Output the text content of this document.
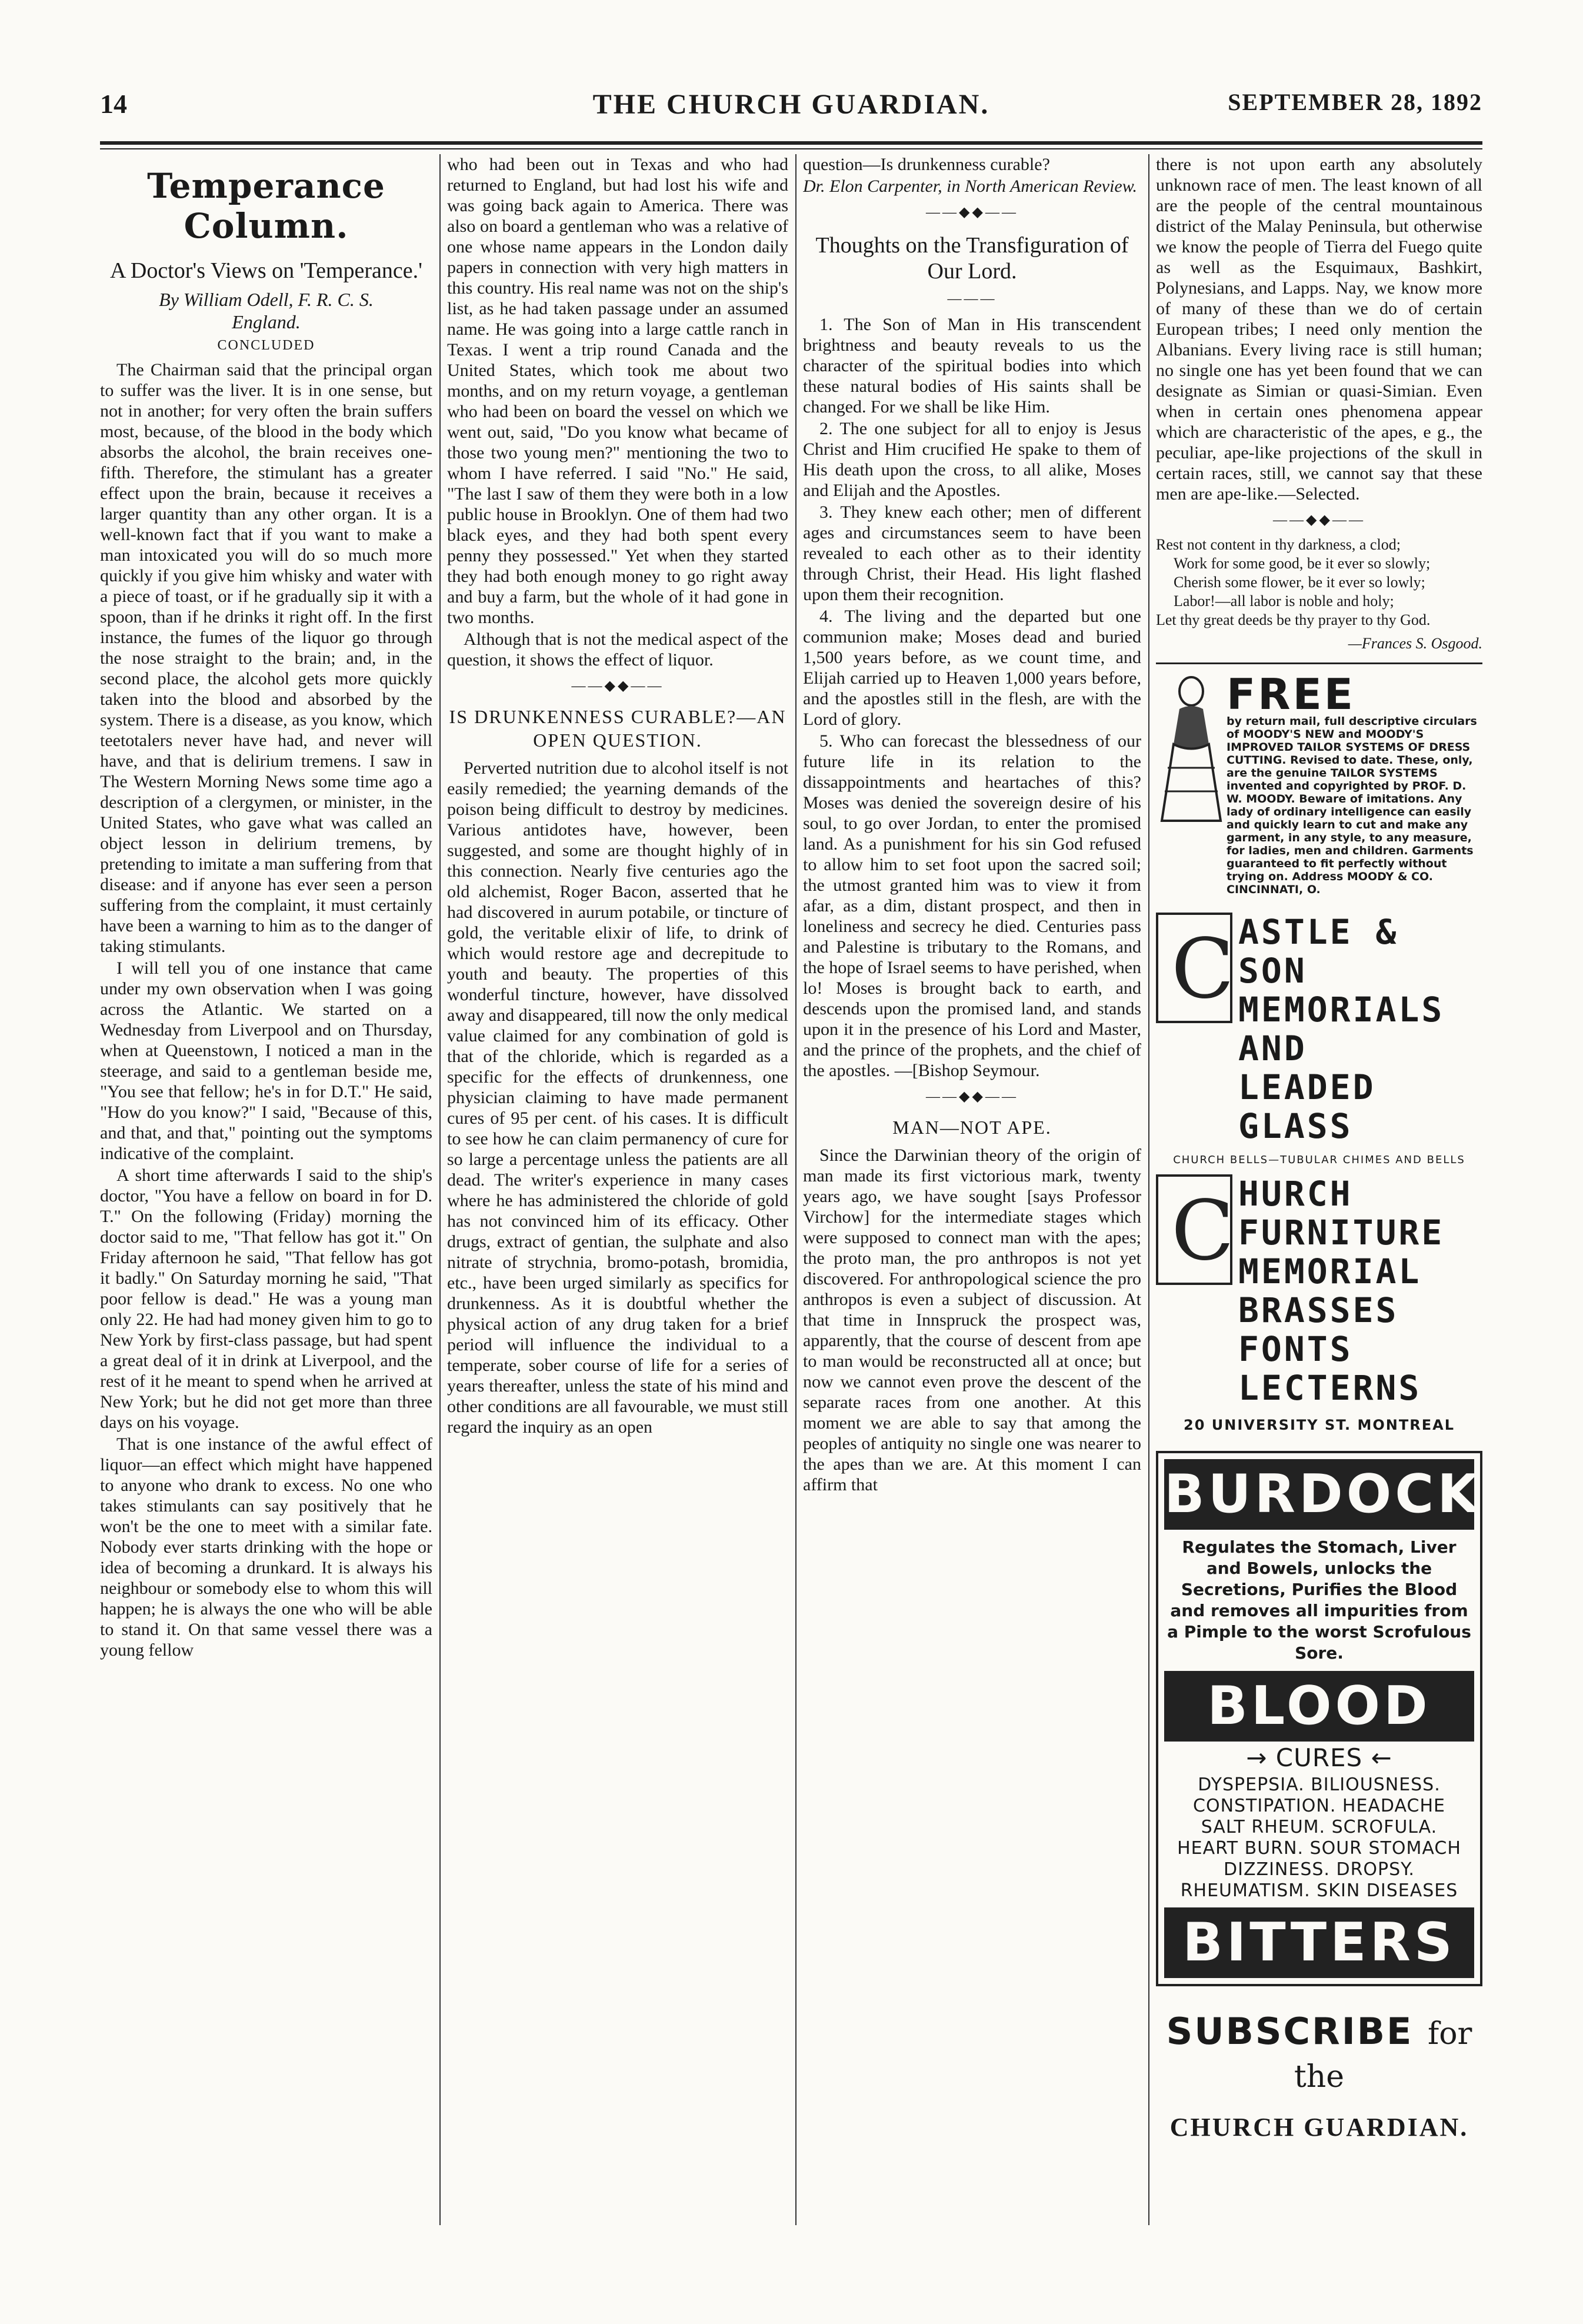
14	THE CHURCH GUARDIAN.	SEPTEMBER 28, 1892
Temperance Column.
A Doctor's Views on 'Temperance.'
By William Odell, F. R. C. S.
England.
CONCLUDED

The Chairman said that the principal organ to suffer was the liver. It is in one sense, but not in another; for very often the brain suffers most, because, of the blood in the body which absorbs the alcohol, the brain receives one-fifth. Therefore, the stimulant has a greater effect upon the brain, because it receives a larger quantity than any other organ. It is a well-known fact that if you want to make a man intoxicated you will do so much more quickly if you give him whisky and water with a piece of toast, or if he gradually sip it with a spoon, than if he drinks it right off. In the first instance, the fumes of the liquor go through the nose straight to the brain; and, in the second place, the alcohol gets more quickly taken into the blood and absorbed by the system. There is a disease, as you know, which teetotalers never have had, and never will have, and that is delirium tremens. I saw in The Western Morning News some time ago a description of a clergymen, or minister, in the United States, who gave what was called an object lesson in delirium tremens, by pretending to imitate a man suffering from that disease: and if anyone has ever seen a person suffering from the complaint, it must certainly have been a warning to him as to the danger of taking stimulants.

I will tell you of one instance that came under my own observation when I was going across the Atlantic. We started on a Wednesday from Liverpool and on Thursday, when at Queenstown, I noticed a man in the steerage, and said to a gentleman beside me, "You see that fellow; he's in for D.T." He said, "How do you know?" I said, "Because of this, and that, and that," pointing out the symptoms indicative of the complaint.

A short time afterwards I said to the ship's doctor, "You have a fellow on board in for D. T." On the following (Friday) morning the doctor said to me, "That fellow has got it." On Friday afternoon he said, "That fellow has got it badly." On Saturday morning he said, "That poor fellow is dead." He was a young man only 22. He had had money given him to go to New York by first-class passage, but had spent a great deal of it in drink at Liverpool, and the rest of it he meant to spend when he arrived at New York; but he did not get more than three days on his voyage.

That is one instance of the awful effect of liquor—an effect which might have happened to anyone who drank to excess. No one who takes stimulants can say positively that he won't be the one to meet with a similar fate. Nobody ever starts drinking with the hope or idea of becoming a drunkard. It is always his neighbour or somebody else to whom this will happen; he is always the one who will be able to stand it. On that same vessel there was a young fellow

who had been out in Texas and who had returned to England, but had lost his wife and was going back again to America. There was also on board a gentleman who was a relative of one whose name appears in the London daily papers in connection with very high matters in this country. His real name was not on the ship's list, as he had taken passage under an assumed name. He was going into a large cattle ranch in Texas. I went a trip round Canada and the United States, which took me about two months, and on my return voyage, a gentleman who had been on board the vessel on which we went out, said, "Do you know what became of those two young men?" mentioning the two to whom I have referred. I said "No." He said, "The last I saw of them they were both in a low public house in Brooklyn. One of them had two black eyes, and they had both spent every penny they possessed." Yet when they started they had both enough money to go right away and buy a farm, but the whole of it had gone in two months.

Although that is not the medical aspect of the question, it shows the effect of liquor.

——◆◆——
IS DRUNKENNESS CURABLE?—AN OPEN QUESTION.

Perverted nutrition due to alcohol itself is not easily remedied; the yearning demands of the poison being difficult to destroy by medicines. Various antidotes have, however, been suggested, and some are thought highly of in this connection. Nearly five centuries ago the old alchemist, Roger Bacon, asserted that he had discovered in aurum potabile, or tincture of gold, the veritable elixir of life, to drink of which would restore age and decrepitude to youth and beauty. The properties of this wonderful tincture, however, have dissolved away and disappeared, till now the only medical value claimed for any combination of gold is that of the chloride, which is regarded as a specific for the effects of drunkenness, one physician claiming to have made permanent cures of 95 per cent. of his cases. It is difficult to see how he can claim permanency of cure for so large a percentage unless the patients are all dead. The writer's experience in many cases where he has administered the chloride of gold has not convinced him of its efficacy. Other drugs, extract of gentian, the sulphate and also nitrate of strychnia, bromo-potash, bromidia, etc., have been urged similarly as specifics for drunkenness. As it is doubtful whether the physical action of any drug taken for a brief period will influence the individual to a temperate, sober course of life for a series of years thereafter, unless the state of his mind and other conditions are all favourable, we must still regard the inquiry as an open

question—Is drunkenness curable?

Dr. Elon Carpenter, in North American Review.

——◆◆——
Thoughts on the Transfiguration of Our Lord.
———

1. The Son of Man in His transcendent brightness and beauty reveals to us the character of the spiritual bodies into which these natural bodies of His saints shall be changed. For we shall be like Him.

2. The one subject for all to enjoy is Jesus Christ and Him crucified He spake to them of His death upon the cross, to all alike, Moses and Elijah and the Apostles.

3. They knew each other; men of different ages and circumstances seem to have been revealed to each other as to their identity through Christ, their Head. His light flashed upon them their recognition.

4. The living and the departed but one communion make; Moses dead and buried 1,500 years before, as we count time, and Elijah carried up to Heaven 1,000 years before, and the apostles still in the flesh, are with the Lord of glory.

5. Who can forecast the blessedness of our future life in its relation to the dissappointments and heartaches of this? Moses was denied the sovereign desire of his soul, to go over Jordan, to enter the promised land. As a punishment for his sin God refused to allow him to set foot upon the sacred soil; the utmost granted him was to view it from afar, as a dim, distant prospect, and then in loneliness and secrecy he died. Centuries pass and Palestine is tributary to the Romans, and the hope of Israel seems to have perished, when lo! Moses is brought back to earth, and descends upon the promised land, and stands upon it in the presence of his Lord and Master, and the prince of the prophets, and the chief of the apostles. —[Bishop Seymour.

——◆◆——
MAN—NOT APE.

Since the Darwinian theory of the origin of man made its first victorious mark, twenty years ago, we have sought [says Professor Virchow] for the intermediate stages which were supposed to connect man with the apes; the proto man, the pro anthropos is not yet discovered. For anthropological science the pro anthropos is even a subject of discussion. At that time in Innspruck the prospect was, apparently, that the course of descent from ape to man would be reconstructed all at once; but now we cannot even prove the descent of the separate races from one another. At this moment we are able to say that among the peoples of antiquity no single one was nearer to the apes than we are. At this moment I can affirm that

there is not upon earth any absolutely unknown race of men. The least known of all are the people of the central mountainous district of the Malay Peninsula, but otherwise we know the people of Tierra del Fuego quite as well as the Esquimaux, Bashkirt, Polynesians, and Lapps. Nay, we know more of many of these than we do of certain European tribes; I need only mention the Albanians. Every living race is still human; no single one has yet been found that we can designate as Simian or quasi-Simian. Even when in certain ones phenomena appear which are characteristic of the apes, e g., the peculiar, ape-like projections of the skull in certain races, still, we cannot say that these men are ape-like.—Selected.

——◆◆——
Rest not content in thy darkness, a clod;
Work for some good, be it ever so slowly;
Cherish some flower, be it ever so lowly;
Labor!—all labor is noble and holy;
Let thy great deeds be thy prayer to thy God.
—Frances S. Osgood.
FREE
by return mail, full descriptive circulars of MOODY'S NEW and MOODY'S IMPROVED TAILOR SYSTEMS OF DRESS CUTTING. Revised to date. These, only, are the genuine TAILOR SYSTEMS invented and copyrighted by PROF. D. W. MOODY. Beware of imitations. Any lady of ordinary intelligence can easily and quickly learn to cut and make any garment, in any style, to any measure, for ladies, men and children. Garments guaranteed to fit perfectly without trying on. Address MOODY & CO. CINCINNATI, O.
C ASTLE & SON
MEMORIALS AND
LEADED GLASS
CHURCH BELLS—TUBULAR CHIMES AND BELLS
C HURCH FURNITURE
MEMORIAL BRASSES
FONTS LECTERNS
20 UNIVERSITY ST. MONTREAL
BURDOCK
Regulates the Stomach, Liver and Bowels, unlocks the Secretions, Purifies the Blood and removes all impurities from a Pimple to the worst Scrofulous Sore.
BLOOD
→ CURES ←
DYSPEPSIA. BILIOUSNESS.
CONSTIPATION. HEADACHE
SALT RHEUM. SCROFULA.
HEART BURN. SOUR STOMACH
DIZZINESS. DROPSY.
RHEUMATISM. SKIN DISEASES
BITTERS
SUBSCRIBE for the
CHURCH GUARDIAN.
